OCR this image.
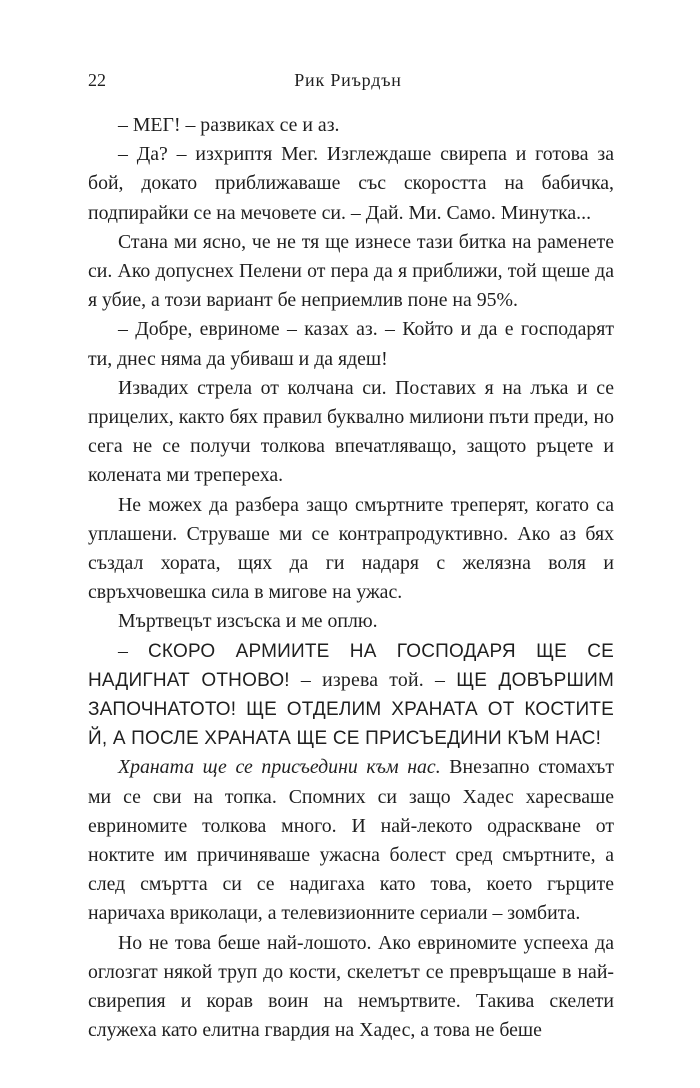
22	Рик Риърдън

– МЕГ! – развиках се и аз.

– Да? – изхриптя Мег. Изглеждаше свирепа и готова за бой, докато приближаваше със скоростта на бабичка, подпирайки се на мечовете си. – Дай. Ми. Само. Минутка...

Стана ми ясно, че не тя ще изнесе тази битка на раменете си. Ако допуснех Пелени от пера да я приближи, той щеше да я убие, а този вариант бе неприемлив поне на 95%.

– Добре, евриноме – казах аз. – Който и да е господарят ти, днес няма да убиваш и да ядеш!

Извадих стрела от колчана си. Поставих я на лъка и се прицелих, както бях правил буквално милиони пъти преди, но сега не се получи толкова впечатляващо, защото ръцете и колената ми трепереха.

Не можех да разбера защо смъртните треперят, когато са уплашени. Струваше ми се контрапродуктивно. Ако аз бях създал хората, щях да ги надаря с желязна воля и свръхчовешка сила в мигове на ужас.

Мъртвецът изсъска и ме оплю.

– СКОРО АРМИИТЕ НА ГОСПОДАРЯ ЩЕ СЕ НАДИГНАТ ОТНОВО! – изрева той. – ЩЕ ДОВЪРШИМ ЗАПОЧНАТОТО! ЩЕ ОТДЕЛИМ ХРАНАТА ОТ КОСТИТЕ Й, А ПОСЛЕ ХРАНАТА ЩЕ СЕ ПРИСЪЕДИНИ КЪМ НАС!

Храната ще се присъедини към нас. Внезапно стомахът ми се сви на топка. Спомних си защо Хадес харесваше евриномите толкова много. И най-лекото одраскване от ноктите им причиняваше ужасна болест сред смъртните, а след смъртта си се надигаха като това, което гърците наричаха вриколаци, а телевизионните сериали – зомбита.

Но не това беше най-лошото. Ако евриномите успееха да оглозгат някой труп до кости, скелетът се превръщаше в най-свирепия и корав воин на немъртвите. Такива скелети служеха като елитна гвардия на Хадес, а това не беше
